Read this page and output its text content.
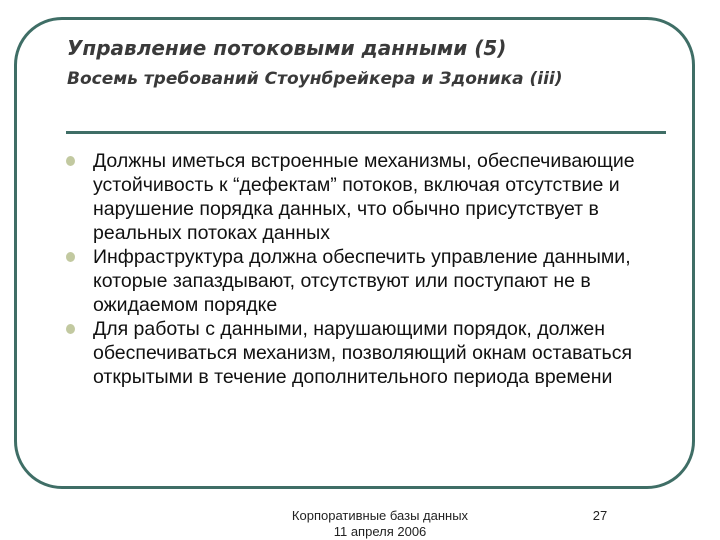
Управление потоковыми данными (5)
Восемь требований Стоунбрейкера и Здоника (iii)
Должны иметься встроенные механизмы, обеспечивающие устойчивость к “дефектам” потоков, включая отсутствие и нарушение порядка данных, что обычно присутствует в реальных потоках данных
Инфраструктура должна обеспечить управление данными, которые запаздывают, отсутствуют или поступают не в ожидаемом порядке
Для работы с данными, нарушающими порядок, должен обеспечиваться механизм, позволяющий окнам оставаться открытыми в течение дополнительного периода времени
Корпоративные базы данных
11 апреля 2006
27
